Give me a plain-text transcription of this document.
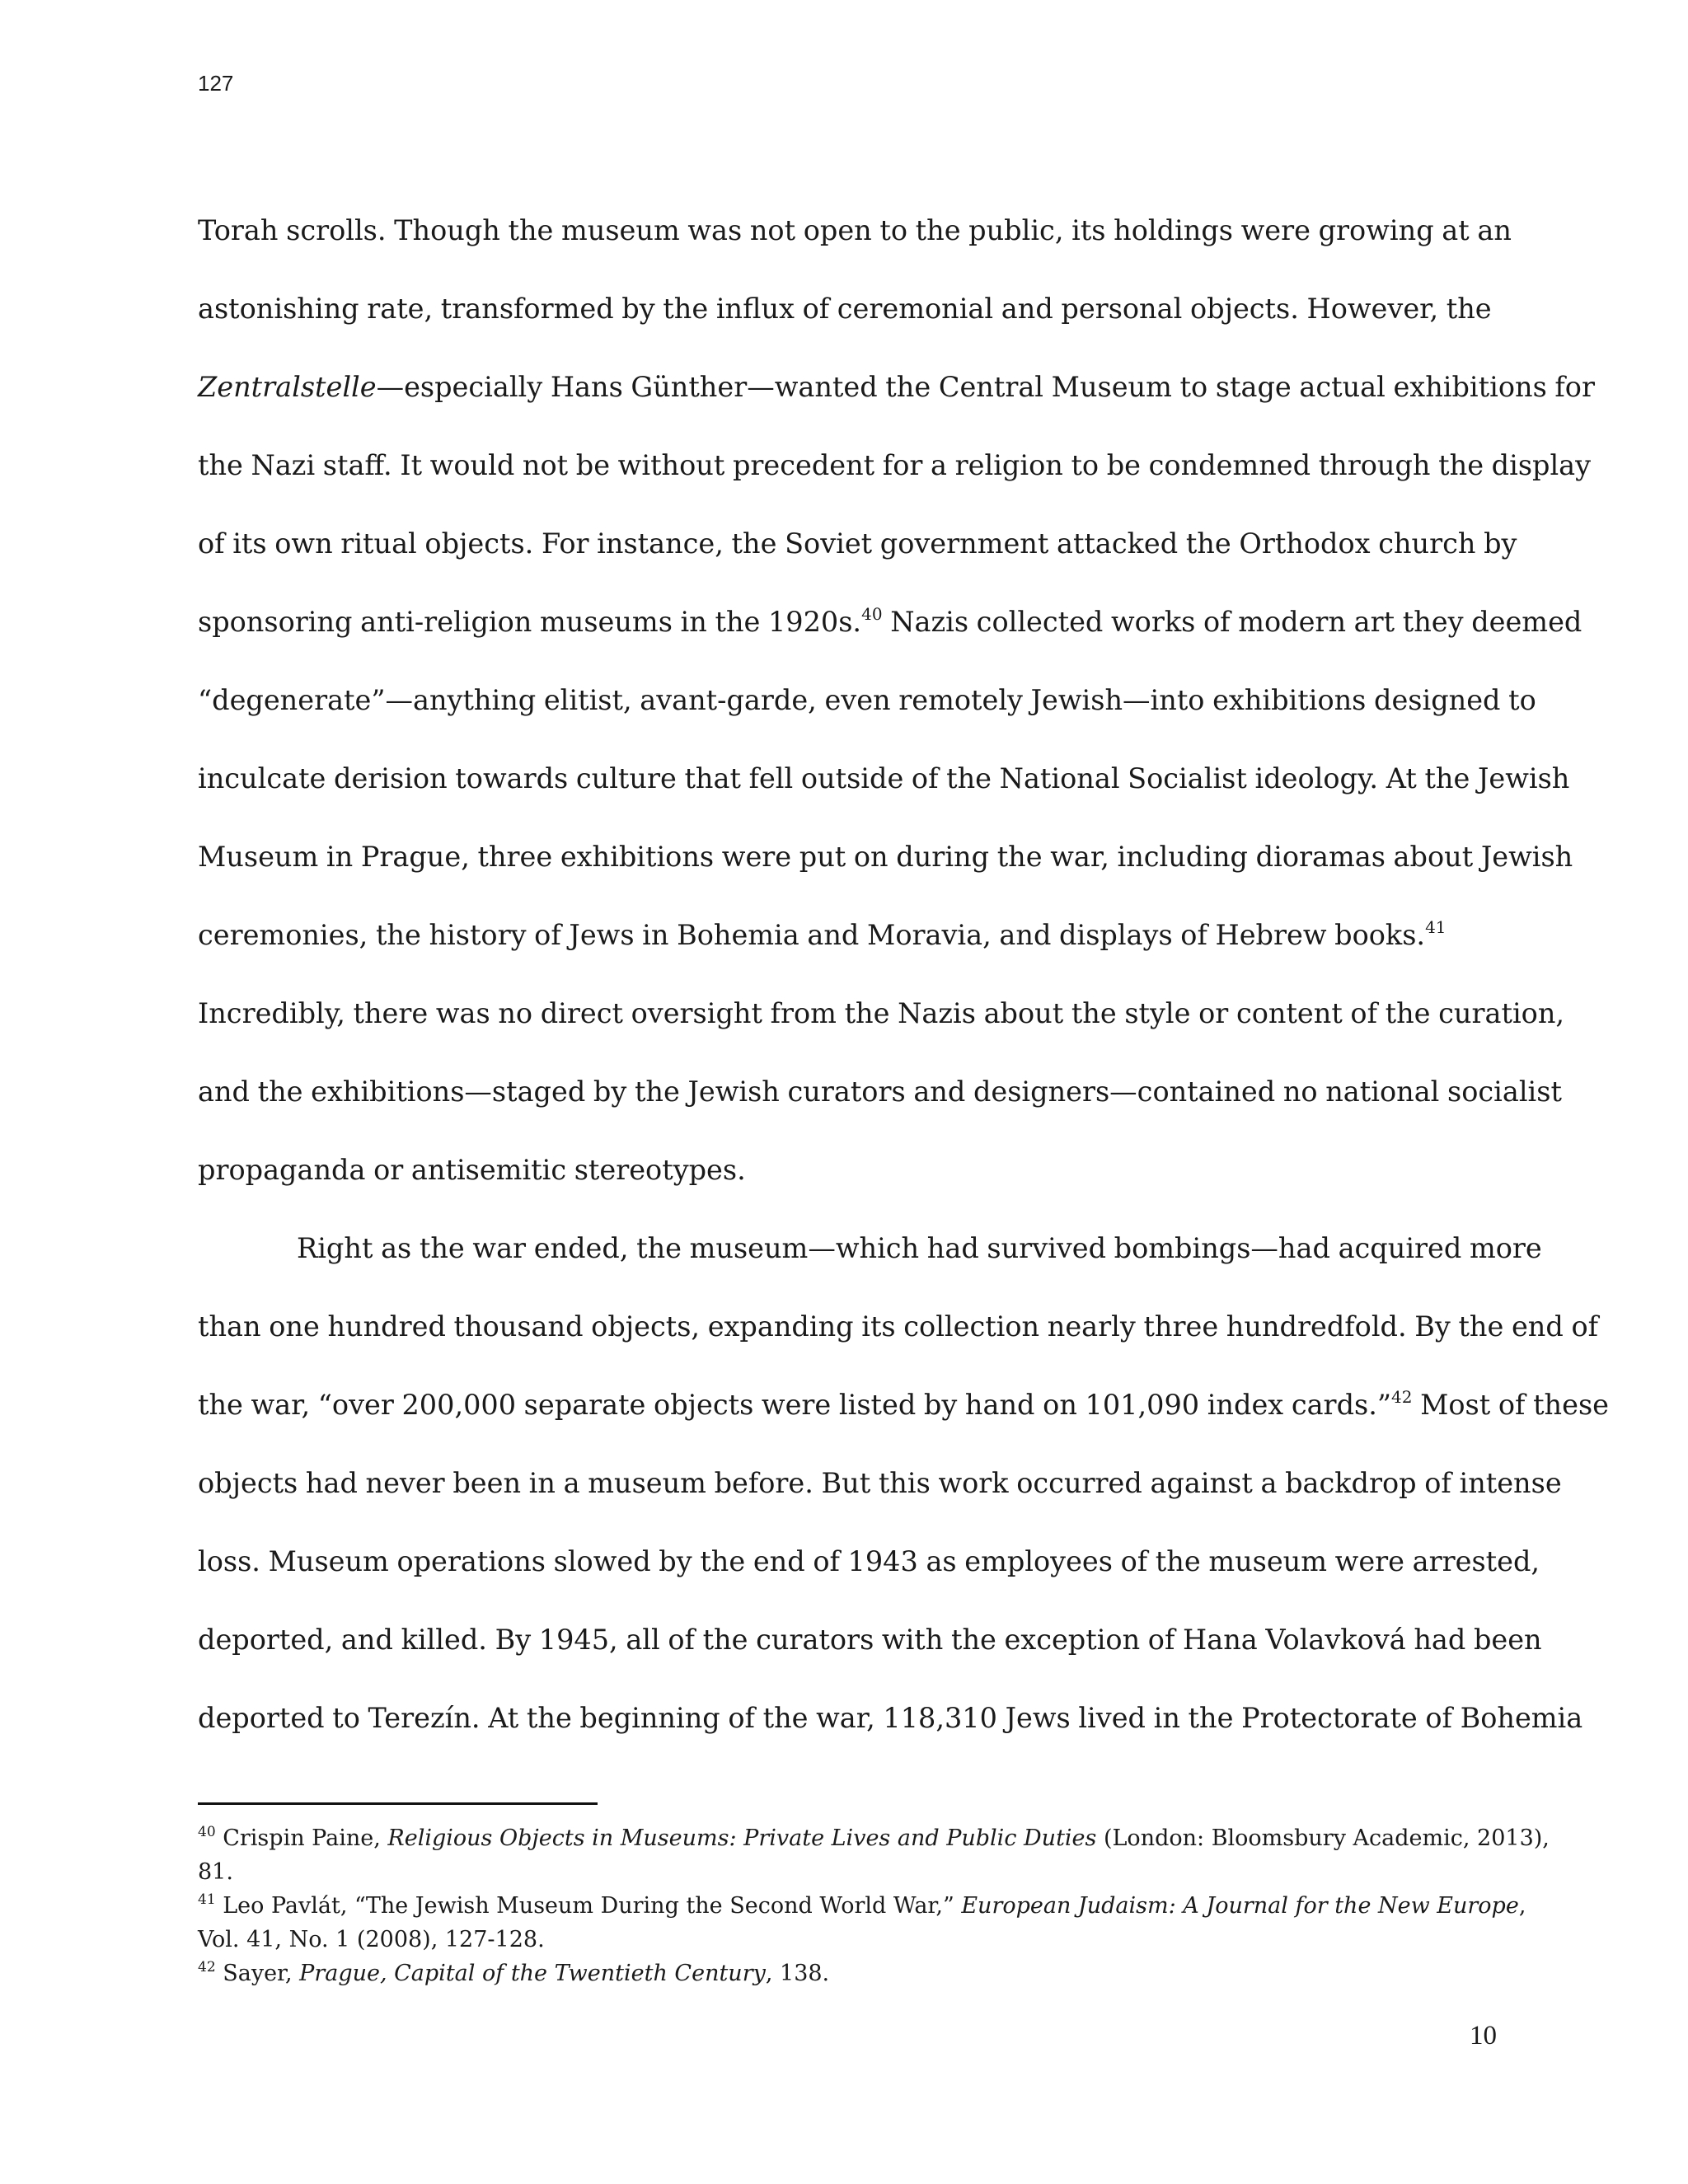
127

Torah scrolls. Though the museum was not open to the public, its holdings were growing at an
astonishing rate, transformed by the influx of ceremonial and personal objects. However, the
Zentralstelle—especially Hans Günther—wanted the Central Museum to stage actual exhibitions for
the Nazi staff. It would not be without precedent for a religion to be condemned through the display
of its own ritual objects. For instance, the Soviet government attacked the Orthodox church by
sponsoring anti-religion museums in the 1920s.$^{40}$ Nazis collected works of modern art they deemed
“degenerate”—anything elitist, avant-garde, even remotely Jewish—into exhibitions designed to
inculcate derision towards culture that fell outside of the National Socialist ideology. At the Jewish
Museum in Prague, three exhibitions were put on during the war, including dioramas about Jewish
ceremonies, the history of Jews in Bohemia and Moravia, and displays of Hebrew books.$^{41}$
Incredibly, there was no direct oversight from the Nazis about the style or content of the curation,
and the exhibitions—staged by the Jewish curators and designers—contained no national socialist
propaganda or antisemitic stereotypes.

Right as the war ended, the museum—which had survived bombings—had acquired more
than one hundred thousand objects, expanding its collection nearly three hundredfold. By the end of
the war, “over 200,000 separate objects were listed by hand on 101,090 index cards.”$^{42}$ Most of these
objects had never been in a museum before. But this work occurred against a backdrop of intense
loss. Museum operations slowed by the end of 1943 as employees of the museum were arrested,
deported, and killed. By 1945, all of the curators with the exception of Hana Volavková had been
deported to Terezín. At the beginning of the war, 118,310 Jews lived in the Protectorate of Bohemia

$^{40}$ Crispin Paine, Religious Objects in Museums: Private Lives and Public Duties (London: Bloomsbury Academic, 2013),
81.
$^{41}$ Leo Pavlát, “The Jewish Museum During the Second World War,” European Judaism: A Journal for the New Europe,
Vol. 41, No. 1 (2008), 127-128.
$^{42}$ Sayer, Prague, Capital of the Twentieth Century, 138.
10
